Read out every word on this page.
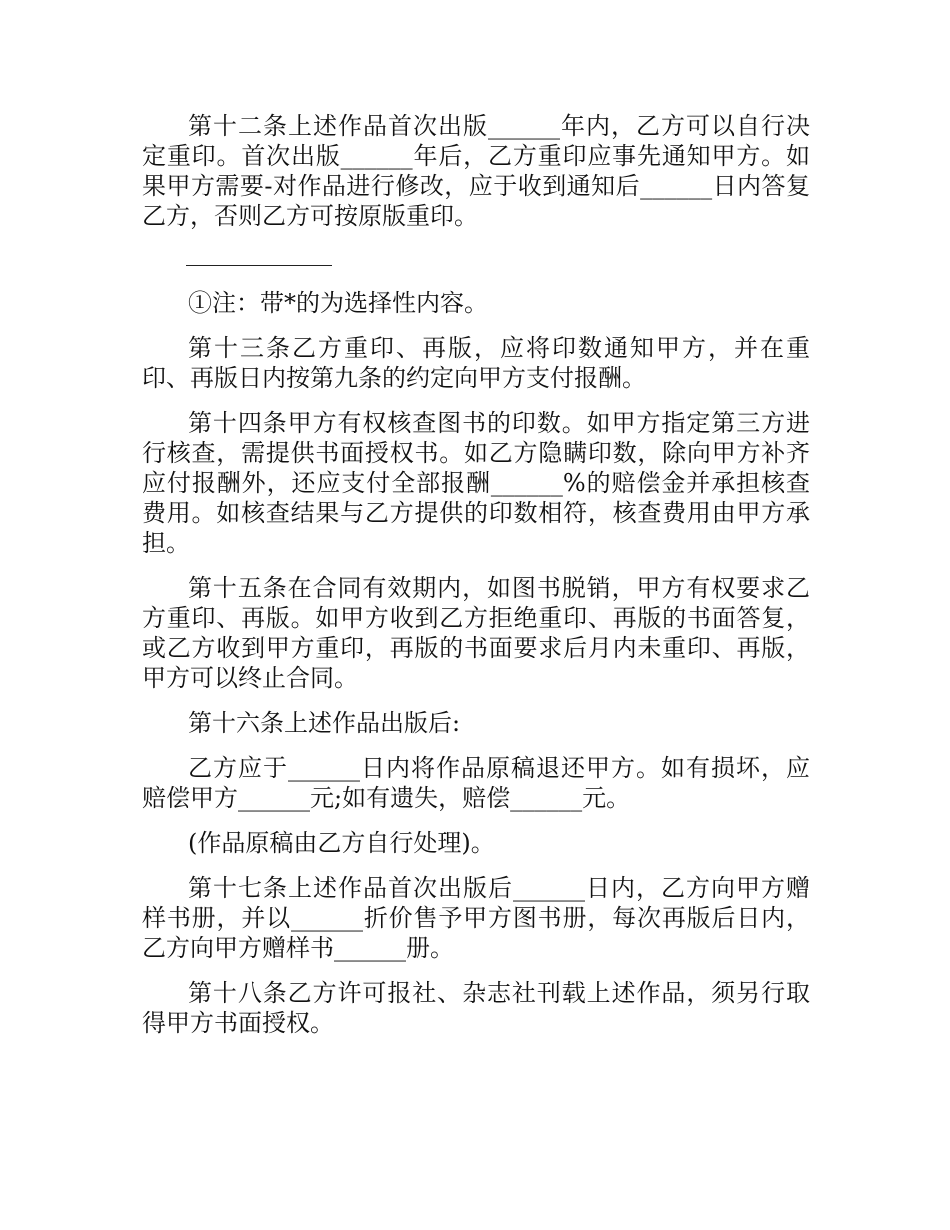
第十二条上述作品首次出版______年内，乙方可以自行决定重印。首次出版______年后，乙方重印应事先通知甲方。如果甲方需要-对作品进行修改，应于收到通知后______日内答复乙方，否则乙方可按原版重印。

①注：带*的为选择性内容。

第十三条乙方重印、再版，应将印数通知甲方，并在重印、再版日内按第九条的约定向甲方支付报酬。

第十四条甲方有权核查图书的印数。如甲方指定第三方进行核查，需提供书面授权书。如乙方隐瞒印数，除向甲方补齐应付报酬外，还应支付全部报酬______%的赔偿金并承担核查费用。如核查结果与乙方提供的印数相符，核查费用由甲方承担。

第十五条在合同有效期内，如图书脱销，甲方有权要求乙方重印、再版。如甲方收到乙方拒绝重印、再版的书面答复，或乙方收到甲方重印，再版的书面要求后月内未重印、再版，甲方可以终止合同。

第十六条上述作品出版后:

乙方应于______日内将作品原稿退还甲方。如有损坏，应赔偿甲方______元;如有遗失，赔偿______元。

(作品原稿由乙方自行处理)。

第十七条上述作品首次出版后______日内，乙方向甲方赠样书册，并以______折价售予甲方图书册，每次再版后日内，乙方向甲方赠样书______册。

第十八条乙方许可报社、杂志社刊载上述作品，须另行取得甲方书面授权。
